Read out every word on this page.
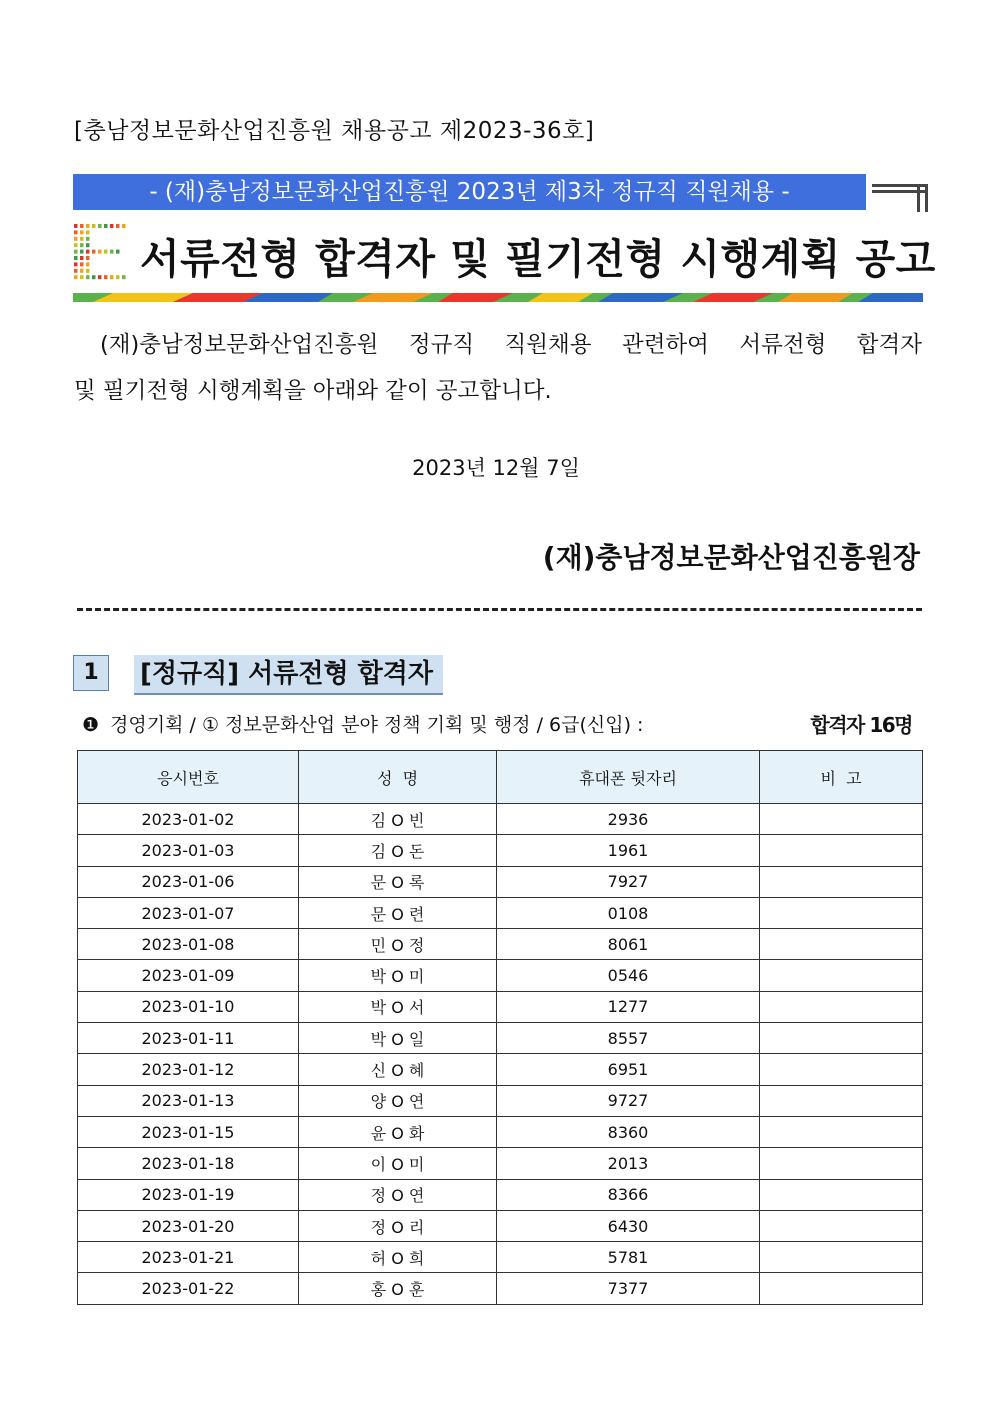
[충남정보문화산업진흥원 채용공고 제2023-36호]
- (재)충남정보문화산업진흥원 2023년 제3차 정규직 직원채용 -
서류전형 합격자 및 필기전형 시행계획 공고

(재)충남정보문화산업진흥원 정규직 직원채용 관련하여 서류전형 합격자

및 필기전형 시행계획을 아래와 같이 공고합니다.

2023년 12월 7일
(재)충남정보문화산업진흥원장
1	[정규직] 서류전형 합격자
❶ 경영기획 / ① 정보문화산업 분야 정책 기획 및 행정 / 6급(신입) :	합격자 16명
응시번호	성  명	휴대폰 뒷자리	비  고
2023-01-02	김 O 빈	2936	
2023-01-03	김 O 돈	1961	
2023-01-06	문 O 록	7927	
2023-01-07	문 O 련	0108	
2023-01-08	민 O 정	8061	
2023-01-09	박 O 미	0546	
2023-01-10	박 O 서	1277	
2023-01-11	박 O 일	8557	
2023-01-12	신 O 혜	6951	
2023-01-13	양 O 연	9727	
2023-01-15	윤 O 화	8360	
2023-01-18	이 O 미	2013	
2023-01-19	정 O 연	8366	
2023-01-20	정 O 리	6430	
2023-01-21	허 O 희	5781	
2023-01-22	홍 O 훈	7377	
